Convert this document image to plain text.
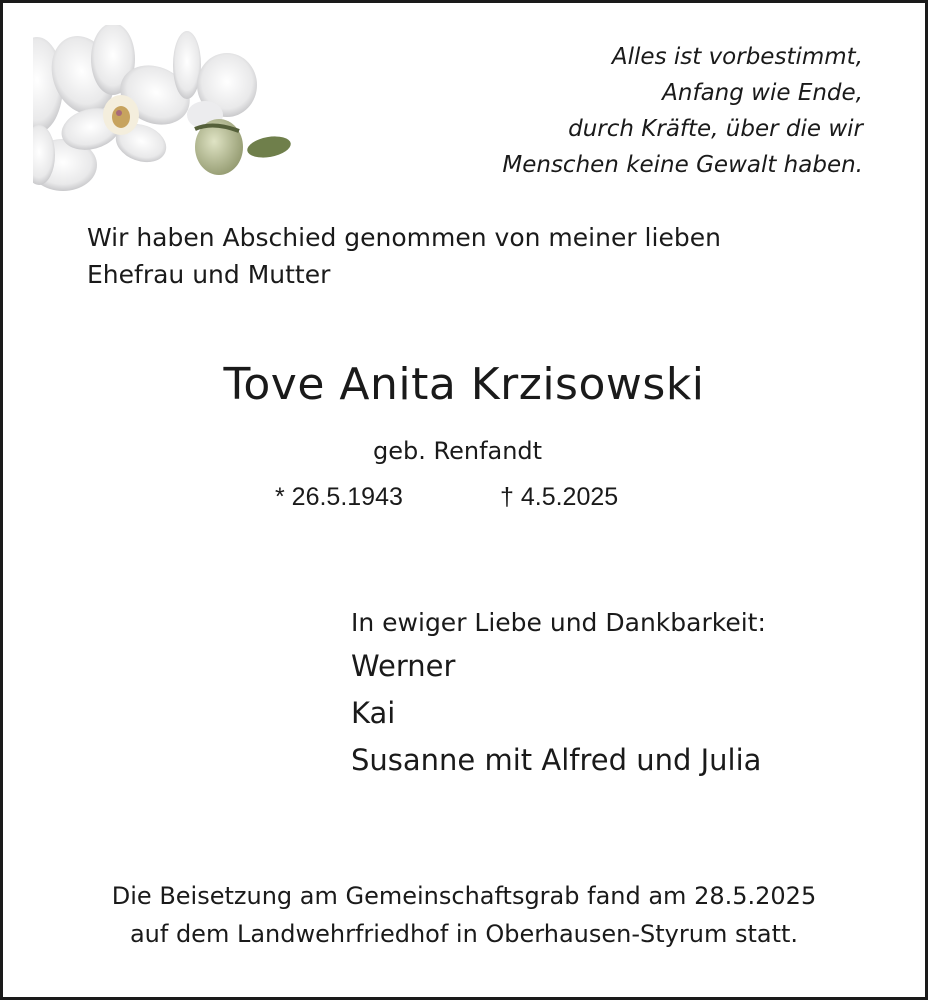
Alles ist vorbestimmt,
Anfang wie Ende,
durch Kräfte, über die wir
Menschen keine Gewalt haben.
Wir haben Abschied genommen von meiner lieben
Ehefrau und Mutter
Tove Anita Krzisowski
geb. Renfandt
* 26.5.1943	† 4.5.2025
In ewiger Liebe und Dankbarkeit:
Werner
Kai
Susanne mit Alfred und Julia
Die Beisetzung am Gemeinschaftsgrab fand am 28.5.2025
auf dem Landwehrfriedhof in Oberhausen-Styrum statt.
